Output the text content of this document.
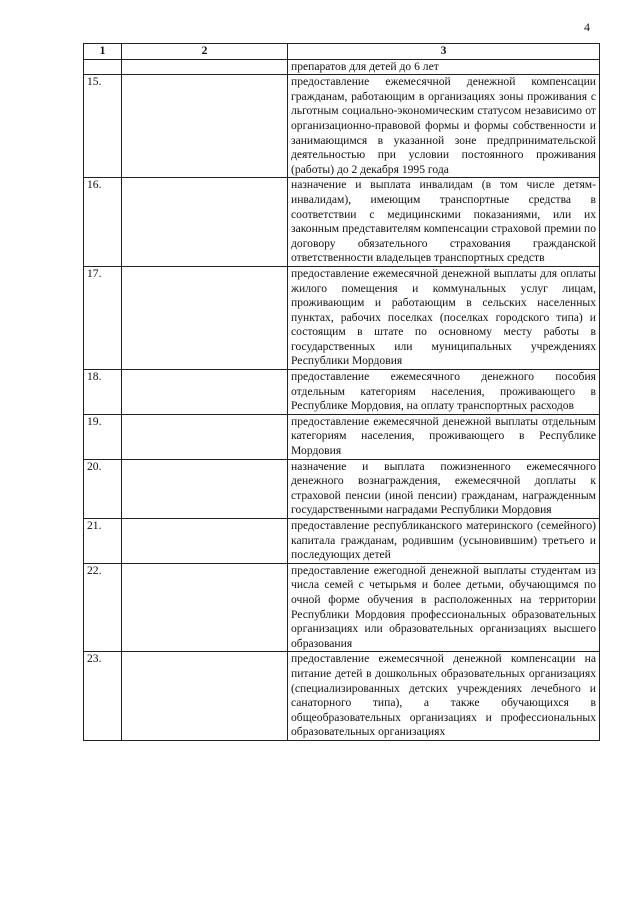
4
1	2	3
		препаратов для детей до 6 лет
15.		предоставление ежемесячной денежной компенсации гражданам, работающим в организациях зоны проживания с льготным социально-экономическим статусом независимо от организационно-правовой формы и формы собственности и занимающимся в указанной зоне предпринимательской деятельностью при условии постоянного проживания (работы) до 2 декабря 1995 года
16.		назначение и выплата инвалидам (в том числе детям-инвалидам), имеющим транспортные средства в соответствии с медицинскими показаниями, или их законным представителям компенсации страховой премии по договору обязательного страхования гражданской ответственности владельцев транспортных средств
17.		предоставление ежемесячной денежной выплаты для оплаты жилого помещения и коммунальных услуг лицам, проживающим и работающим в сельских населенных пунктах, рабочих поселках (поселках городского типа) и состоящим в штате по основному месту работы в государственных или муниципальных учреждениях Республики Мордовия
18.		предоставление ежемесячного денежного пособия отдельным категориям населения, проживающего в Республике Мордовия, на оплату транспортных расходов
19.		предоставление ежемесячной денежной выплаты отдельным категориям населения, проживающего в Республике Мордовия
20.		назначение и выплата пожизненного ежемесячного денежного вознаграждения, ежемесячной доплаты к страховой пенсии (иной пенсии) гражданам, награжденным государственными наградами Республики Мордовия
21.		предоставление республиканского материнского (семейного) капитала гражданам, родившим (усыновившим) третьего и последующих детей
22.		предоставление ежегодной денежной выплаты студентам из числа семей с четырьмя и более детьми, обучающимся по очной форме обучения в расположенных на территории Республики Мордовия профессиональных образовательных организациях или образовательных организациях высшего образования
23.		предоставление ежемесячной денежной компенсации на питание детей в дошкольных образовательных организациях (специализированных детских учреждениях лечебного и санаторного типа), а также обучающихся в общеобразовательных организациях и профессиональных образовательных организациях
